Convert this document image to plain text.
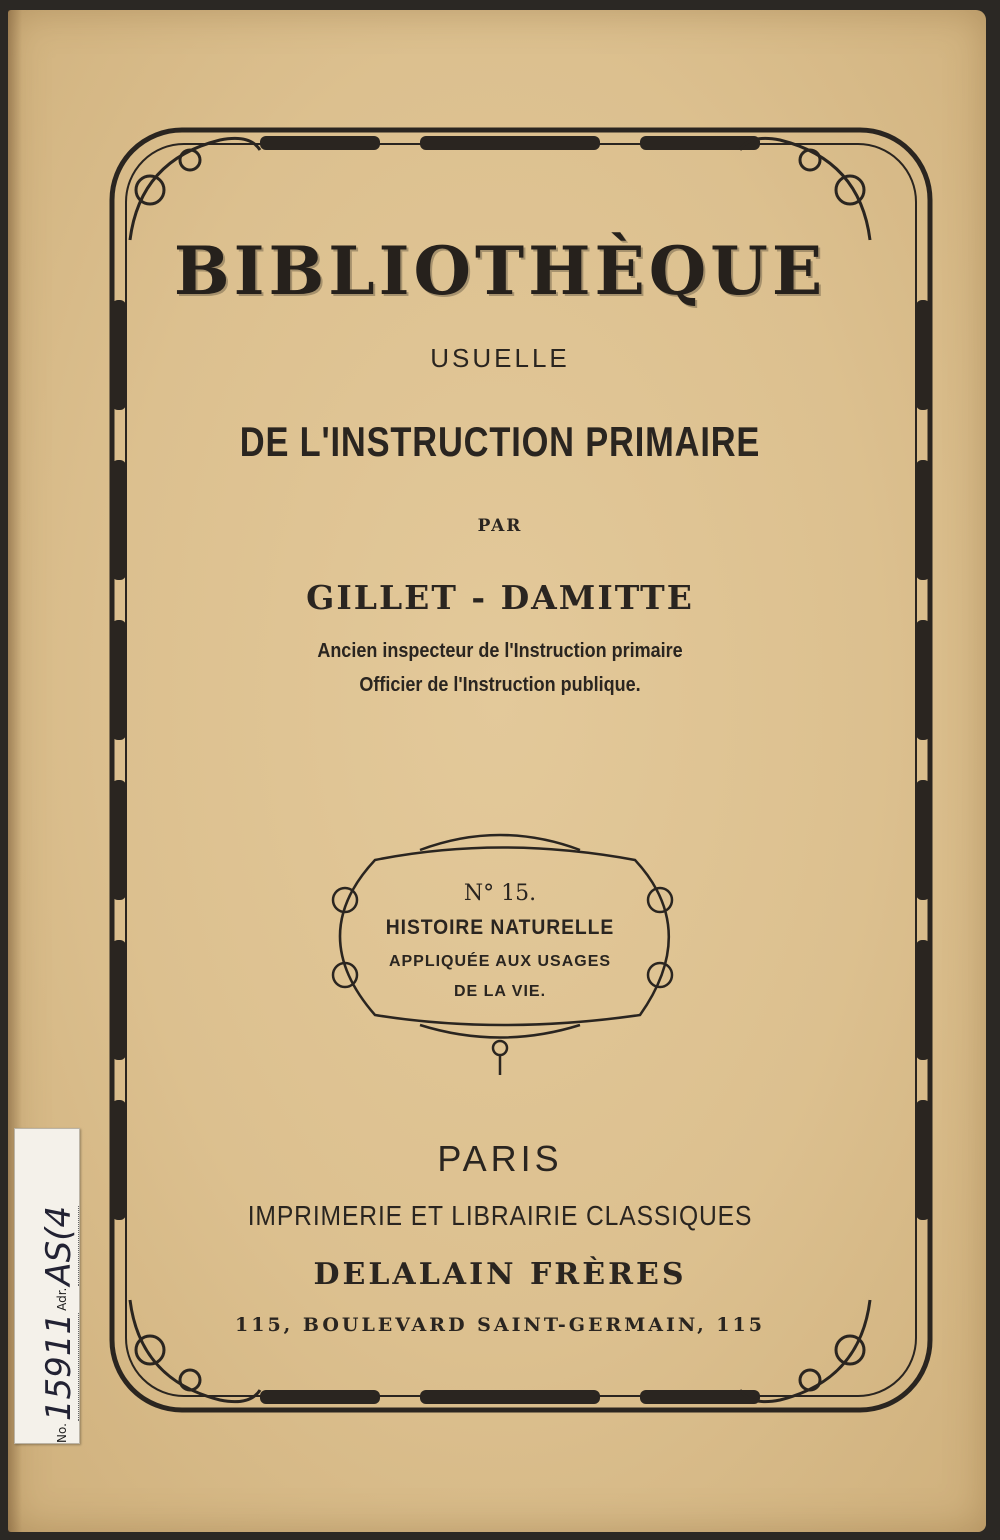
BIBLIOTHÈQUE

USUELLE

DE L'INSTRUCTION PRIMAIRE

PAR

GILLET - DAMITTE

Ancien inspecteur de l'Instruction primaire

Officier de l'Instruction publique.

N° 15.

HISTOIRE NATURELLE

APPLIQUÉE AUX USAGES

DE LA VIE.

PARIS

IMPRIMERIE ET LIBRAIRIE CLASSIQUES

DELALAIN FRÈRES

115, BOULEVARD SAINT-GERMAIN, 115

No.
15911
Adr.
AS(4
